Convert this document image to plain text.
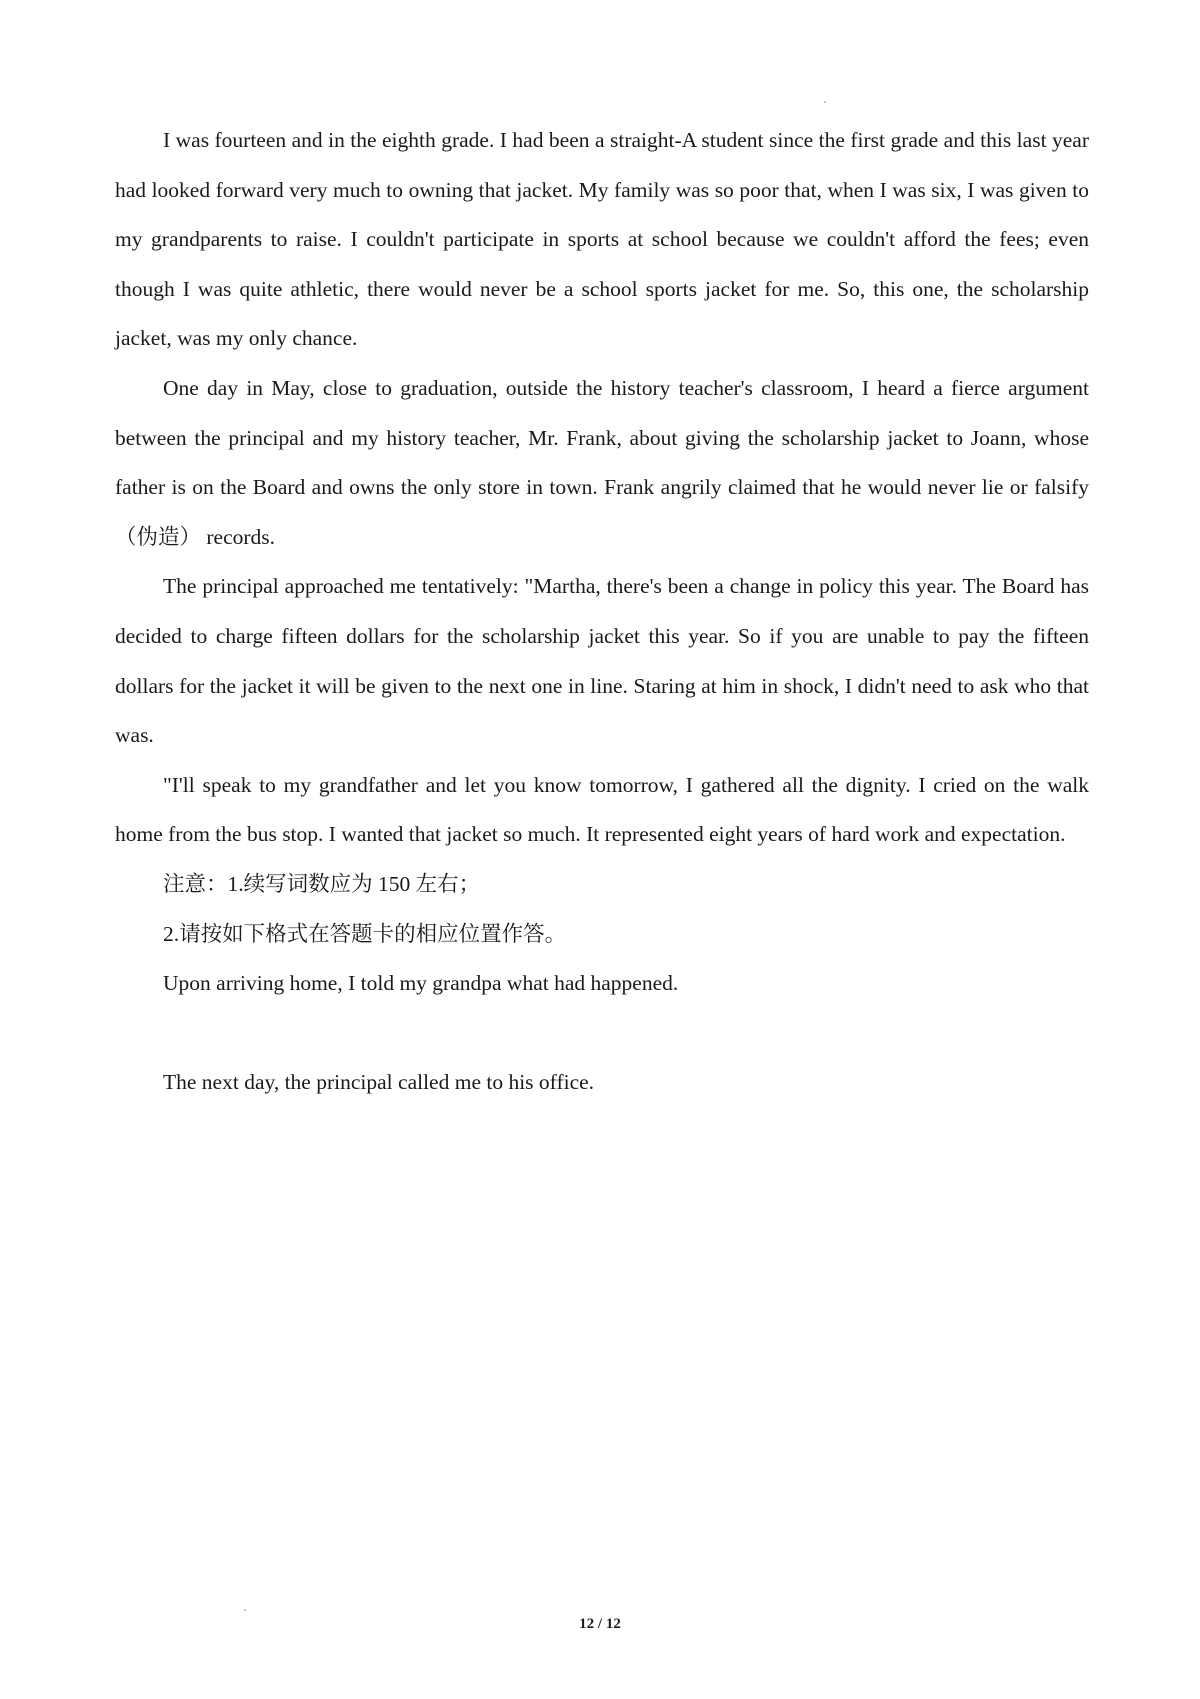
I was fourteen and in the eighth grade. I had been a straight-A student since the first grade and this last year had looked forward very much to owning that jacket. My family was so poor that, when I was six, I was given to my grandparents to raise. I couldn't participate in sports at school because we couldn't afford the fees; even though I was quite athletic, there would never be a school sports jacket for me. So, this one, the scholarship jacket, was my only chance.

One day in May, close to graduation, outside the history teacher's classroom, I heard a fierce argument between the principal and my history teacher, Mr. Frank, about giving the scholarship jacket to Joann, whose father is on the Board and owns the only store in town. Frank angrily claimed that he would never lie or falsify（伪造） records.

The principal approached me tentatively: "Martha, there's been a change in policy this year. The Board has decided to charge fifteen dollars for the scholarship jacket this year. So if you are unable to pay the fifteen dollars for the jacket it will be given to the next one in line. Staring at him in shock, I didn't need to ask who that was.

"I'll speak to my grandfather and let you know tomorrow, I gathered all the dignity. I cried on the walk home from the bus stop. I wanted that jacket so much. It represented eight years of hard work and expectation.

注意：1.续写词数应为 150 左右；

2.请按如下格式在答题卡的相应位置作答。

Upon arriving home, I told my grandpa what had happened.

The next day, the principal called me to his office.

12 / 12
